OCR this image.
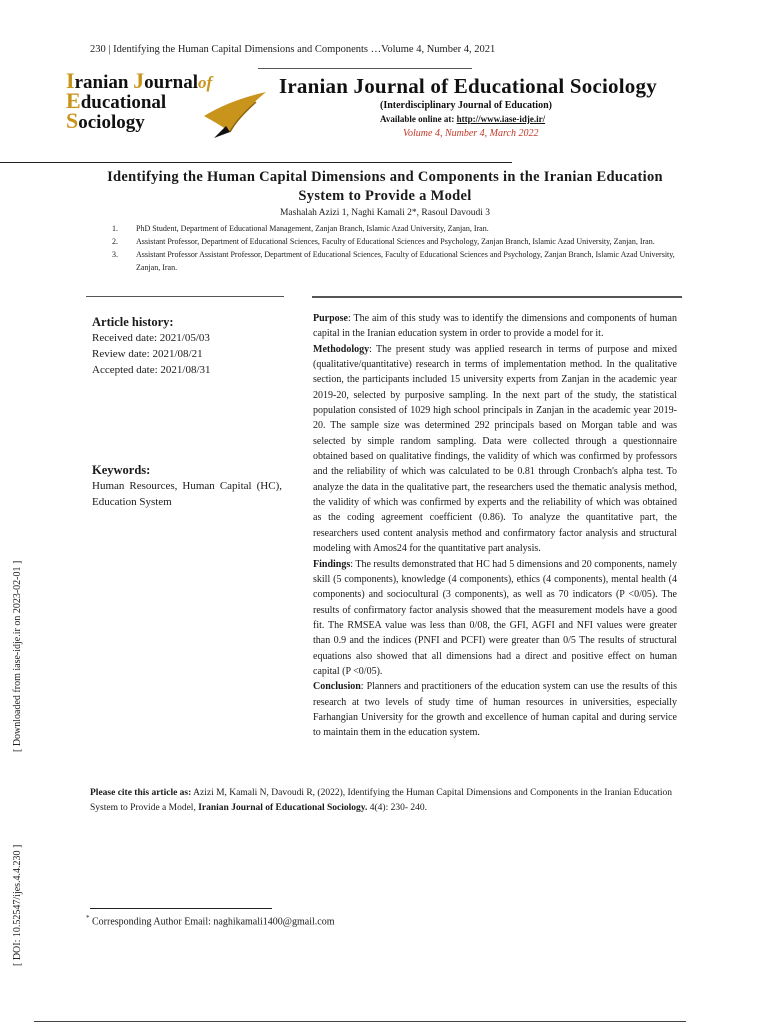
230 | Identifying the Human Capital Dimensions and Components …Volume 4, Number 4, 2021
Iranian Journalof
Educational
Sociology
Iranian Journal of Educational Sociology
(Interdisciplinary Journal of Education)
Available online at: http://www.iase-idje.ir/
Volume 4, Number 4, March 2022
Identifying the Human Capital Dimensions and Components in the Iranian Education System to Provide a Model
Mashalah Azizi 1, Naghi Kamali 2*, Rasoul Davoudi 3
1.	PhD Student, Department of Educational Management, Zanjan Branch, Islamic Azad University, Zanjan, Iran.
2.	Assistant Professor, Department of Educational Sciences, Faculty of Educational Sciences and Psychology, Zanjan Branch, Islamic Azad University, Zanjan, Iran.
3.	Assistant Professor Assistant Professor, Department of Educational Sciences, Faculty of Educational Sciences and Psychology, Zanjan Branch, Islamic Azad University, Zanjan, Iran.
Article history:
Received date: 2021/05/03
Review date: 2021/08/21
Accepted date: 2021/08/31
Keywords:
Human Resources, Human Capital (HC), Education System

Purpose: The aim of this study was to identify the dimensions and components of human capital in the Iranian education system in order to provide a model for it.

Methodology: The present study was applied research in terms of purpose and mixed (qualitative/quantitative) research in terms of implementation method. In the qualitative section, the participants included 15 university experts from Zanjan in the academic year 2019-20, selected by purposive sampling. In the next part of the study, the statistical population consisted of 1029 high school principals in Zanjan in the academic year 2019-20. The sample size was determined 292 principals based on Morgan table and was selected by simple random sampling. Data were collected through a questionnaire obtained based on qualitative findings, the validity of which was confirmed by professors and the reliability of which was calculated to be 0.81 through Cronbach's alpha test. To analyze the data in the qualitative part, the researchers used the thematic analysis method, the validity of which was confirmed by experts and the reliability of which was obtained as the coding agreement coefficient (0.86). To analyze the quantitative part, the researchers used content analysis method and confirmatory factor analysis and structural modeling with Amos24 for the quantitative part analysis.

Findings: The results demonstrated that HC had 5 dimensions and 20 components, namely skill (5 components), knowledge (4 components), ethics (4 components), mental health (4 components) and sociocultural (3 components), as well as 70 indicators (P <0/05). The results of confirmatory factor analysis showed that the measurement models have a good fit. The RMSEA value was less than 0/08, the GFI, AGFI and NFI values were greater than 0.9 and the indices (PNFI and PCFI) were greater than 0/5 The results of structural equations also showed that all dimensions had a direct and positive effect on human capital (P <0/05).

Conclusion: Planners and practitioners of the education system can use the results of this research at two levels of study time of human resources in universities, especially Farhangian University for the growth and excellence of human capital and during service to maintain them in the education system.

Please cite this article as: Azizi M, Kamali N, Davoudi R, (2022), Identifying the Human Capital Dimensions and Components in the Iranian Education System to Provide a Model, Iranian Journal of Educational Sociology. 4(4): 230- 240.
* Corresponding Author Email: naghikamali1400@gmail.com
[ Downloaded from iase-idje.ir on 2023-02-01 ]
[ DOI: 10.52547/ijes.4.4.230 ]
